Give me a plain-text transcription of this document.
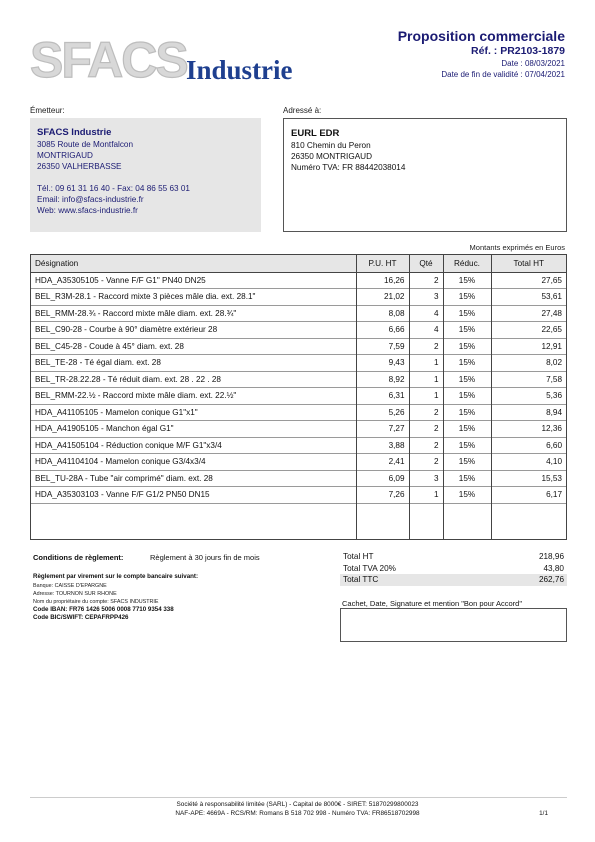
SFACS Industrie
Proposition commerciale
Réf. : PR2103-1879
Date : 08/03/2021
Date de fin de validité : 07/04/2021
Émetteur:	Adressé à:
SFACS Industrie
3085 Route de Montfalcon
MONTRIGAUD
26350 VALHERBASSE
Tél.: 09 61 31 16 40 - Fax: 04 86 55 63 01
Email: info@sfacs-industrie.fr
Web: www.sfacs-industrie.fr
EURL EDR
810 Chemin du Peron
26350 MONTRIGAUD
Numéro TVA: FR 88442038014
Montants exprimés en Euros
Désignation	P.U. HT	Qté	Réduc.	Total HT
HDA_A35305105 - Vanne F/F G1" PN40 DN25	16,26	2	15%	27,65
BEL_R3M-28.1 - Raccord mixte 3 pièces mâle dia. ext. 28.1"	21,02	3	15%	53,61
BEL_RMM-28.¾ - Raccord mixte mâle diam. ext. 28.¾"	8,08	4	15%	27,48
BEL_C90-28 - Courbe à 90° diamètre extérieur 28	6,66	4	15%	22,65
BEL_C45-28 - Coude à 45° diam. ext. 28	7,59	2	15%	12,91
BEL_TE-28 - Té égal diam. ext. 28	9,43	1	15%	8,02
BEL_TR-28.22.28 - Té réduit diam. ext. 28 . 22 . 28	8,92	1	15%	7,58
BEL_RMM-22.½ - Raccord mixte mâle diam. ext. 22.½"	6,31	1	15%	5,36
HDA_A41105105 - Mamelon conique G1"x1"	5,26	2	15%	8,94
HDA_A41905105 - Manchon égal G1"	7,27	2	15%	12,36
HDA_A41505104 - Réduction conique M/F G1"x3/4	3,88	2	15%	6,60
HDA_A41104104 - Mamelon conique G3/4x3/4	2,41	2	15%	4,10
BEL_TU-28A - Tube "air comprimé" diam. ext. 28	6,09	3	15%	15,53
HDA_A35303103 - Vanne F/F G1/2 PN50 DN15	7,26	1	15%	6,17
Conditions de règlement:	Règlement à 30 jours fin de mois
Règlement par virement sur le compte bancaire suivant:
Banque: CAISSE D'EPARGNE
Adresse: TOURNON SUR RHONE
Nom du propriétaire du compte: SFACS INDUSTRIE
Code IBAN: FR76 1426 5006 0008 7710 9354 338
Code BIC/SWIFT: CEPAFRPP426
Total HT	218,96
Total TVA 20%	43,80
Total TTC	262,76
Cachet, Date, Signature et mention "Bon pour Accord"
Société à responsabilité limitée (SARL) - Capital de 8000€ - SIRET: 51870299800023
NAF-APE: 4669A - RCS/RM: Romans B 518 702 998 - Numéro TVA: FR86518702998	1/1
